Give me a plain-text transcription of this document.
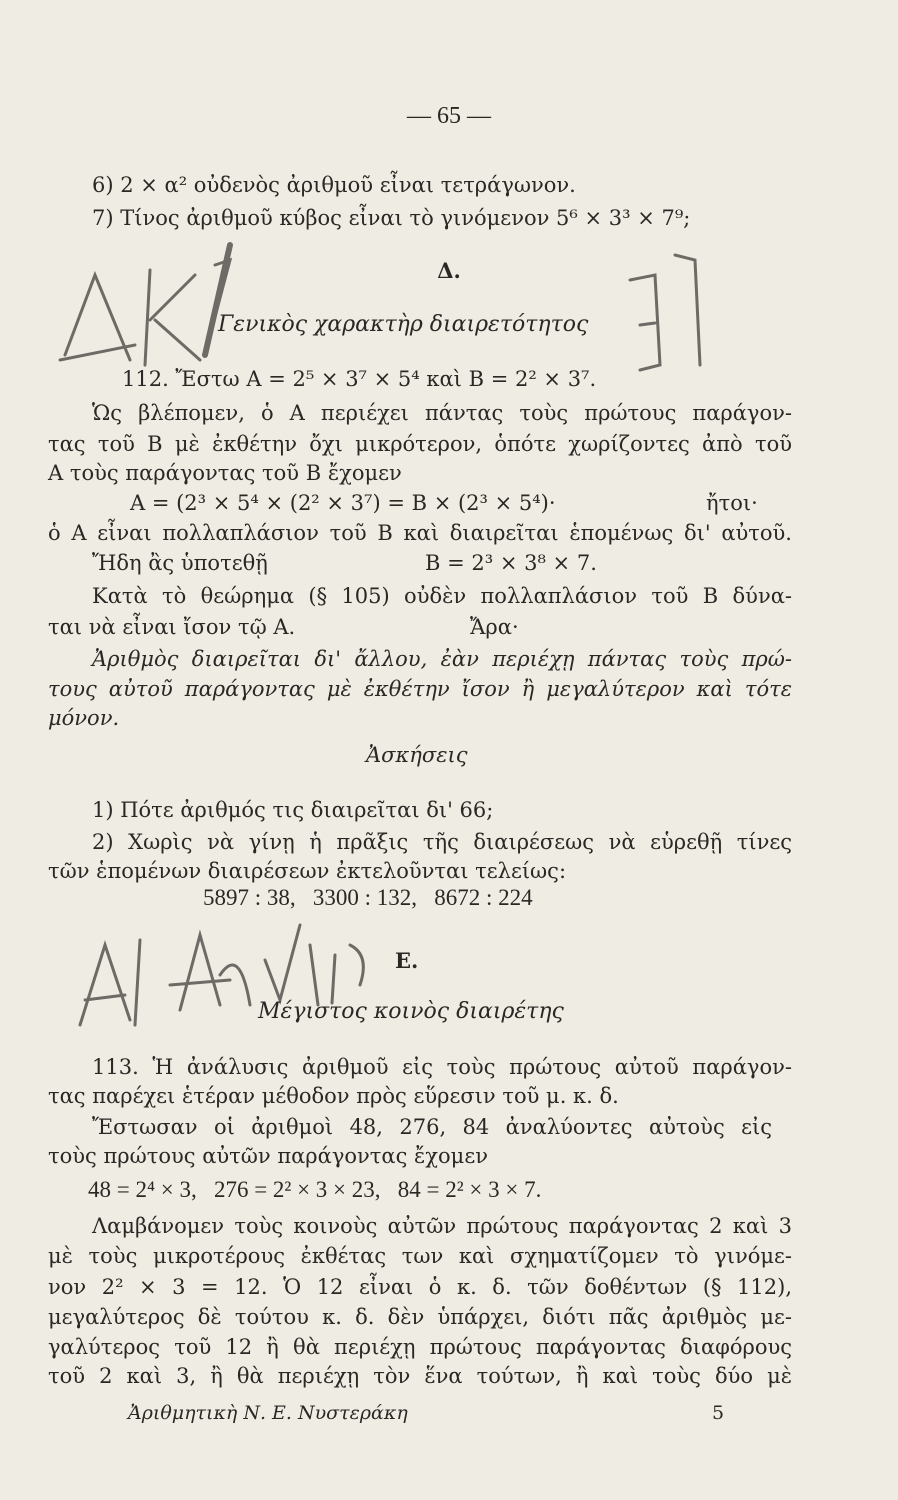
— 65 —
6) 2 × α² οὐδενὸς ἀριθμοῦ εἶναι τετράγωνον.
7) Τίνος ἀριθμοῦ κύβος εἶναι τὸ γινόμενον 5⁶ × 3³ × 7⁹;
Δ.
Γενικὸς χαρακτὴρ διαιρετότητος
112. Ἔστω A = 2⁵ × 3⁷ × 5⁴ καὶ B = 2² × 3⁷.
Ὡς βλέπομεν, ὁ A περιέχει πάντας τοὺς πρώτους παράγον-
τας τοῦ B μὲ ἐκθέτην ὄχι μικρότερον, ὁπότε χωρίζοντες ἀπὸ τοῦ
A τοὺς παράγοντας τοῦ B ἔχομεν
A = (2³ × 5⁴ × (2² × 3⁷) = B × (2³ × 5⁴)·	ἤτοι·
ὁ A εἶναι πολλαπλάσιον τοῦ B καὶ διαιρεῖται ἑπομένως δι' αὐτοῦ.
Ἤδη ἂς ὑποτεθῇ	B = 2³ × 3⁸ × 7.
Κατὰ τὸ θεώρημα (§ 105) οὐδὲν πολλαπλάσιον τοῦ B δύνα-
ται νὰ εἶναι ἴσον τῷ A.	Ἄρα·
Ἀριθμὸς διαιρεῖται δι' ἄλλου, ἐὰν περιέχῃ πάντας τοὺς πρώ-
τους αὐτοῦ παράγοντας μὲ ἐκθέτην ἴσον ἢ μεγαλύτερον καὶ τότε
μόνον.
Ἀσκήσεις
1) Πότε ἀριθμός τις διαιρεῖται δι' 66;
2) Χωρὶς νὰ γίνῃ ἡ πρᾶξις τῆς διαιρέσεως νὰ εὑρεθῇ τίνες
τῶν ἑπομένων διαιρέσεων ἐκτελοῦνται τελείως:
5897 : 38,   3300 : 132,   8672 : 224
Ε.
Μέγιστος κοινὸς διαιρέτης
113. Ἡ ἀνάλυσις ἀριθμοῦ εἰς τοὺς πρώτους αὐτοῦ παράγον-
τας παρέχει ἑτέραν μέθοδον πρὸς εὕρεσιν τοῦ μ. κ. δ.
Ἔστωσαν οἱ ἀριθμοὶ 48, 276, 84 ἀναλύοντες αὐτοὺς εἰς
τοὺς πρώτους αὐτῶν παράγοντας ἔχομεν
48 = 2⁴ × 3,   276 = 2² × 3 × 23,   84 = 2² × 3 × 7.
Λαμβάνομεν τοὺς κοινοὺς αὐτῶν πρώτους παράγοντας 2 καὶ 3
μὲ τοὺς μικροτέρους ἐκθέτας των καὶ σχηματίζομεν τὸ γινόμε-
νον 2² × 3 = 12. Ὁ 12 εἶναι ὁ κ. δ. τῶν δοθέντων (§ 112),
μεγαλύτερος δὲ τούτου κ. δ. δὲν ὑπάρχει, διότι πᾶς ἀριθμὸς με-
γαλύτερος τοῦ 12 ἢ θὰ περιέχῃ πρώτους παράγοντας διαφόρους
τοῦ 2 καὶ 3, ἢ θὰ περιέχῃ τὸν ἕνα τούτων, ἢ καὶ τοὺς δύο μὲ
Ἀριθμητικὴ Ν. Ε. Νυστεράκη	5
